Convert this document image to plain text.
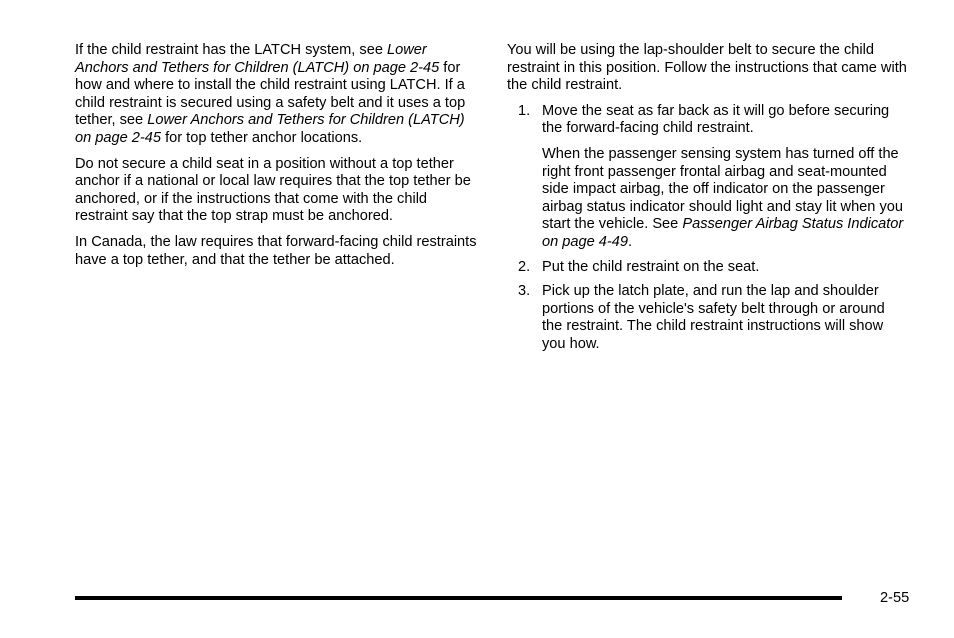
If the child restraint has the LATCH system, see Lower Anchors and Tethers for Children (LATCH) on page 2-45 for how and where to install the child restraint using LATCH. If a child restraint is secured using a safety belt and it uses a top tether, see Lower Anchors and Tethers for Children (LATCH) on page 2-45 for top tether anchor locations.

Do not secure a child seat in a position without a top tether anchor if a national or local law requires that the top tether be anchored, or if the instructions that come with the child restraint say that the top strap must be anchored.

In Canada, the law requires that forward-facing child restraints have a top tether, and that the tether be attached.

You will be using the lap-shoulder belt to secure the child restraint in this position. Follow the instructions that came with the child restraint.

1. Move the seat as far back as it will go before securing the forward-facing child restraint.
When the passenger sensing system has turned off the right front passenger frontal airbag and seat-mounted side impact airbag, the off indicator on the passenger airbag status indicator should light and stay lit when you start the vehicle. See Passenger Airbag Status Indicator on page 4-49.
2. Put the child restraint on the seat.
3. Pick up the latch plate, and run the lap and shoulder portions of the vehicle's safety belt through or around the restraint. The child restraint instructions will show you how.
2-55
